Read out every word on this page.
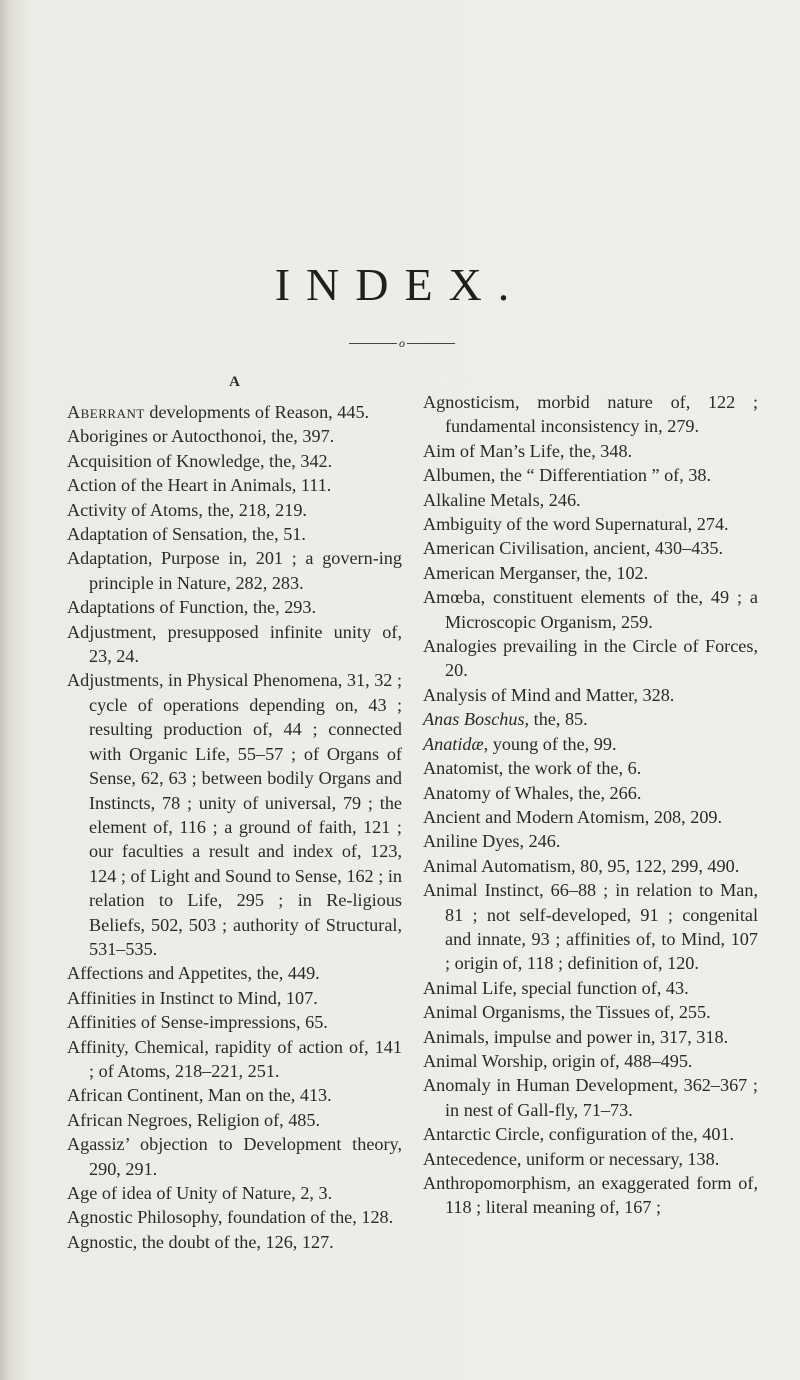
INDEX.
o
A
Aberrant developments of Reason, 445.
Aborigines or Autocthonoi, the, 397.
Acquisition of Knowledge, the, 342.
Action of the Heart in Animals, 111.
Activity of Atoms, the, 218, 219.
Adaptation of Sensation, the, 51.
Adaptation, Purpose in, 201 ; a govern-ing principle in Nature, 282, 283.
Adaptations of Function, the, 293.
Adjustment, presupposed infinite unity of, 23, 24.
Adjustments, in Physical Phenomena, 31, 32 ; cycle of operations depending on, 43 ; resulting production of, 44 ; connected with Organic Life, 55–57 ; of Organs of Sense, 62, 63 ; between bodily Organs and Instincts, 78 ; unity of universal, 79 ; the element of, 116 ; a ground of faith, 121 ; our faculties a result and index of, 123, 124 ; of Light and Sound to Sense, 162 ; in relation to Life, 295 ; in Re-ligious Beliefs, 502, 503 ; authority of Structural, 531–535.
Affections and Appetites, the, 449.
Affinities in Instinct to Mind, 107.
Affinities of Sense-impressions, 65.
Affinity, Chemical, rapidity of action of, 141 ; of Atoms, 218–221, 251.
African Continent, Man on the, 413.
African Negroes, Religion of, 485.
Agassiz’ objection to Development theory, 290, 291.
Age of idea of Unity of Nature, 2, 3.
Agnostic Philosophy, foundation of the, 128.
Agnostic, the doubt of the, 126, 127.
Agnosticism, morbid nature of, 122 ; fundamental inconsistency in, 279.
Aim of Man’s Life, the, 348.
Albumen, the “ Differentiation ” of, 38.
Alkaline Metals, 246.
Ambiguity of the word Supernatural, 274.
American Civilisation, ancient, 430–435.
American Merganser, the, 102.
Amœba, constituent elements of the, 49 ; a Microscopic Organism, 259.
Analogies prevailing in the Circle of Forces, 20.
Analysis of Mind and Matter, 328.
Anas Boschus, the, 85.
Anatidæ, young of the, 99.
Anatomist, the work of the, 6.
Anatomy of Whales, the, 266.
Ancient and Modern Atomism, 208, 209.
Aniline Dyes, 246.
Animal Automatism, 80, 95, 122, 299, 490.
Animal Instinct, 66–88 ; in relation to Man, 81 ; not self-developed, 91 ; congenital and innate, 93 ; affinities of, to Mind, 107 ; origin of, 118 ; definition of, 120.
Animal Life, special function of, 43.
Animal Organisms, the Tissues of, 255.
Animals, impulse and power in, 317, 318.
Animal Worship, origin of, 488–495.
Anomaly in Human Development, 362–367 ; in nest of Gall-fly, 71–73.
Antarctic Circle, configuration of the, 401.
Antecedence, uniform or necessary, 138.
Anthropomorphism, an exaggerated form of, 118 ; literal meaning of, 167 ;
